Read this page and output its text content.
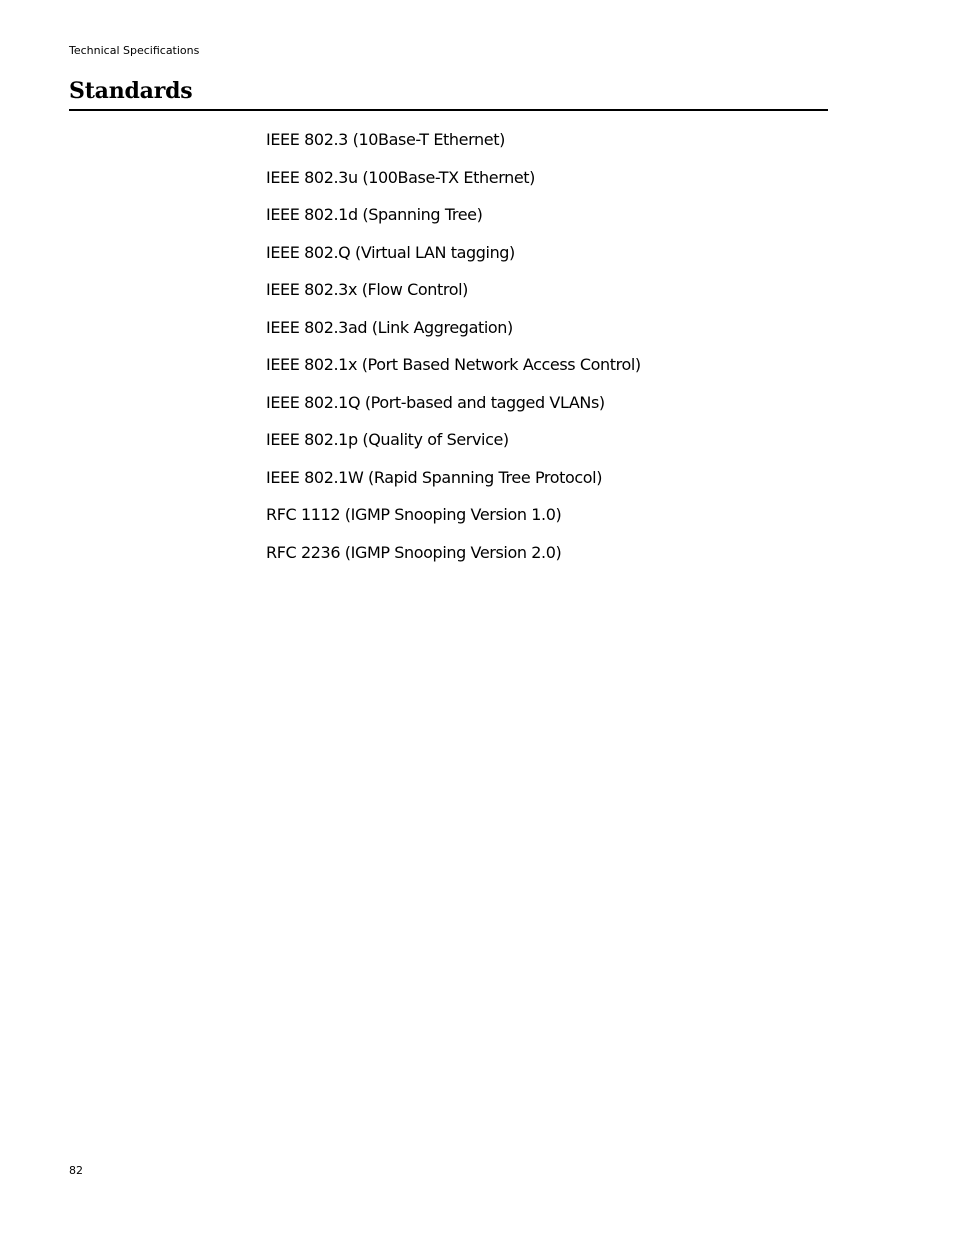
Technical Specifications

Standards
IEEE 802.3 (10Base-T Ethernet)
IEEE 802.3u (100Base-TX Ethernet)
IEEE 802.1d (Spanning Tree)
IEEE 802.Q (Virtual LAN tagging)
IEEE 802.3x (Flow Control)
IEEE 802.3ad (Link Aggregation)
IEEE 802.1x (Port Based Network Access Control)
IEEE 802.1Q (Port-based and tagged VLANs)
IEEE 802.1p (Quality of Service)
IEEE 802.1W (Rapid Spanning Tree Protocol)
RFC 1112 (IGMP Snooping Version 1.0)
RFC 2236 (IGMP Snooping Version 2.0)

82
